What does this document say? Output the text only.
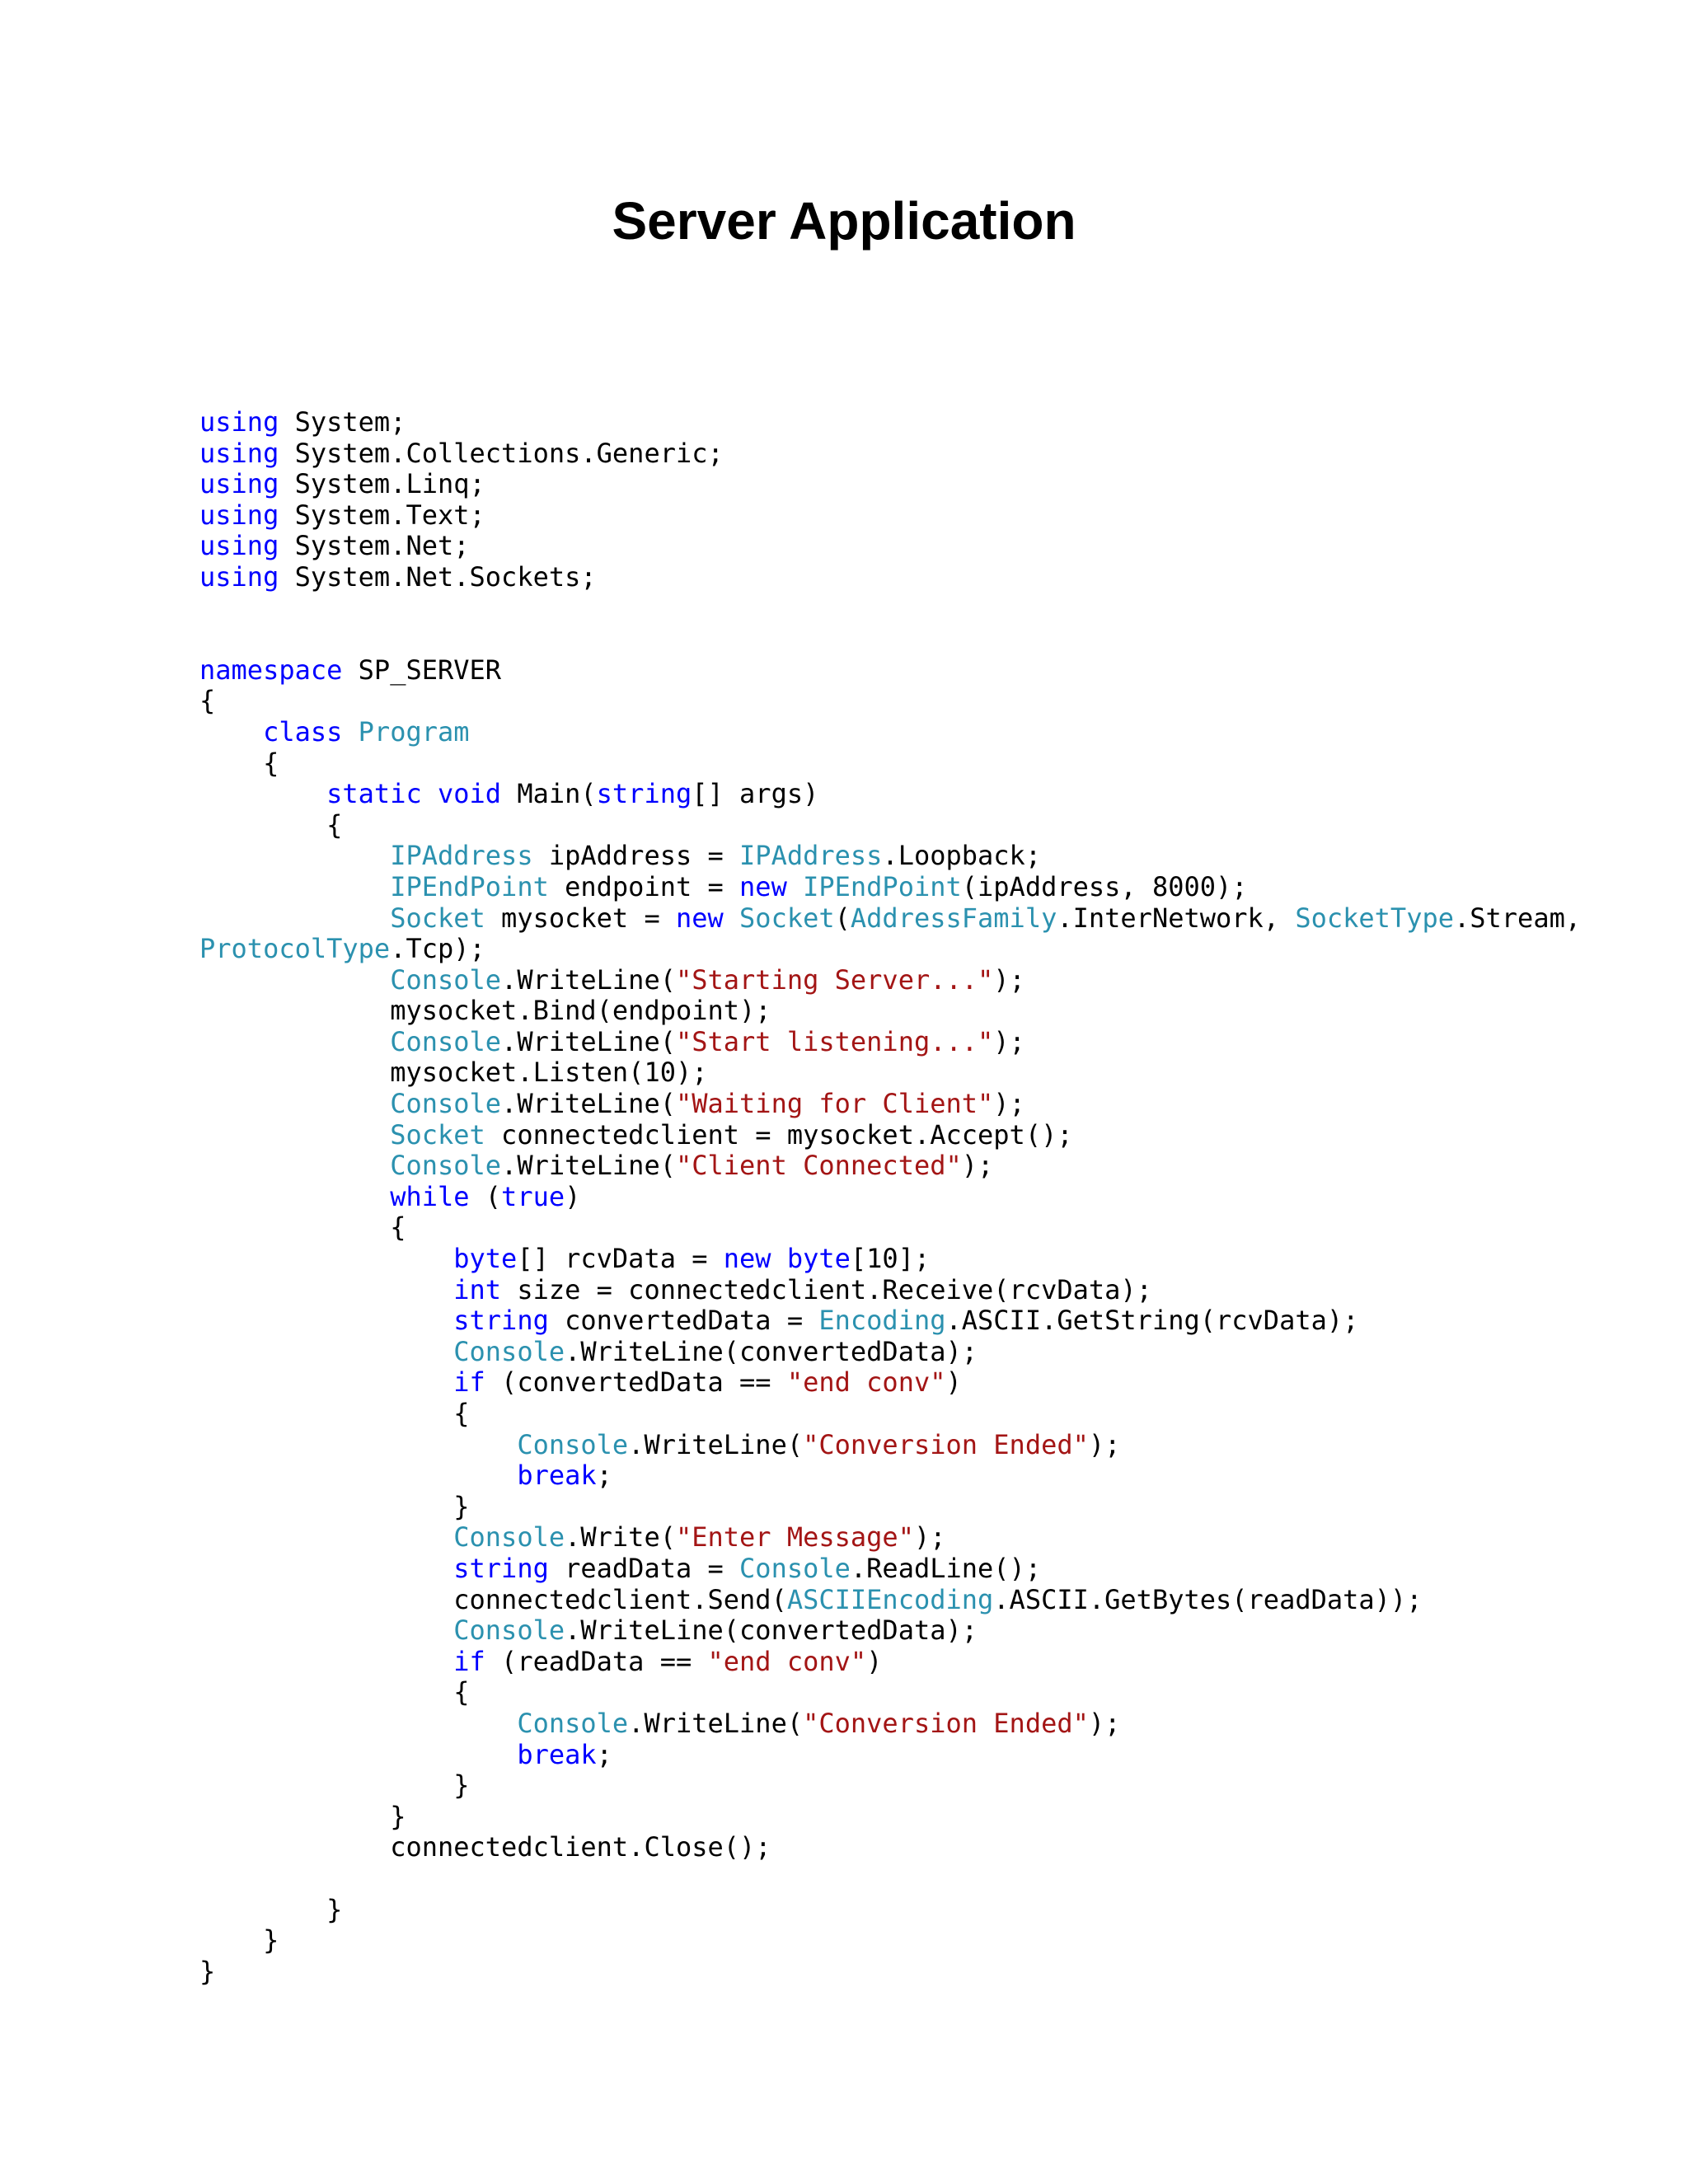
Server Application
using System;
using System.Collections.Generic;
using System.Linq;
using System.Text;
using System.Net;
using System.Net.Sockets;

namespace SP_SERVER
{
class Program
{
static void Main(string[] args)
{
IPAddress ipAddress = IPAddress.Loopback;
IPEndPoint endpoint = new IPEndPoint(ipAddress, 8000);
Socket mysocket = new Socket(AddressFamily.InterNetwork, SocketType.Stream,
ProtocolType.Tcp);
Console.WriteLine("Starting Server...");
mysocket.Bind(endpoint);
Console.WriteLine("Start listening...");
mysocket.Listen(10);
Console.WriteLine("Waiting for Client");
Socket connectedclient = mysocket.Accept();
Console.WriteLine("Client Connected");
while (true)
{
byte[] rcvData = new byte[10];
int size = connectedclient.Receive(rcvData);
string convertedData = Encoding.ASCII.GetString(rcvData);
Console.WriteLine(convertedData);
if (convertedData == "end conv")
{
Console.WriteLine("Conversion Ended");
break;
}
Console.Write("Enter Message");
string readData = Console.ReadLine();
connectedclient.Send(ASCIIEncoding.ASCII.GetBytes(readData));
Console.WriteLine(convertedData);
if (readData == "end conv")
{
Console.WriteLine("Conversion Ended");
break;
}
}
connectedclient.Close();

}
}
}
